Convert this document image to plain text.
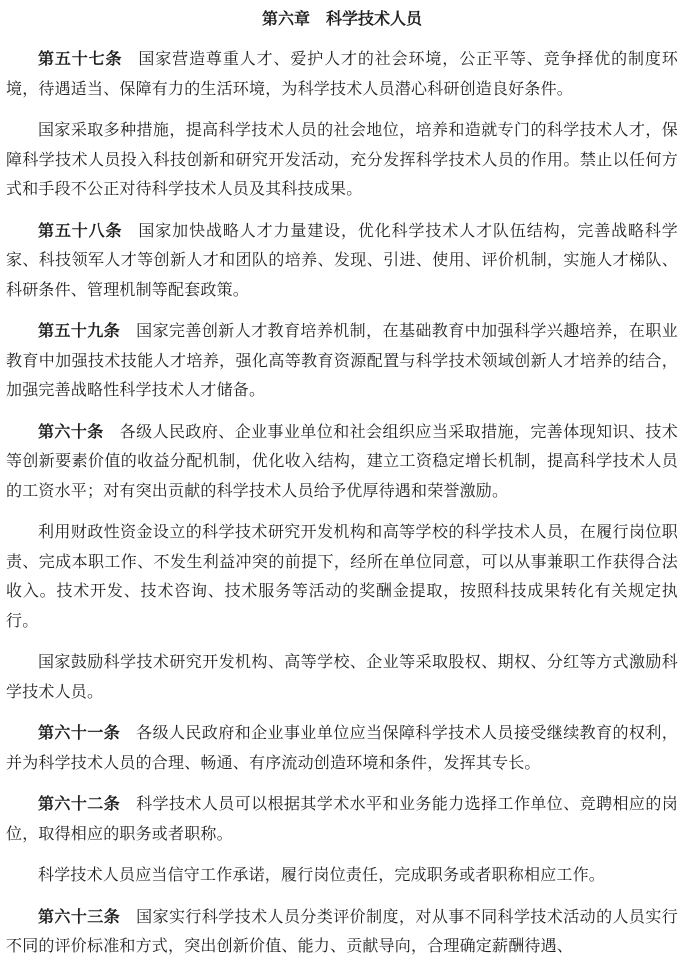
第六章　科学技术人员

第五十七条 国家营造尊重人才、爱护人才的社会环境，公正平等、竞争择优的制度环境，待遇适当、保障有力的生活环境，为科学技术人员潜心科研创造良好条件。

国家采取多种措施，提高科学技术人员的社会地位，培养和造就专门的科学技术人才，保障科学技术人员投入科技创新和研究开发活动，充分发挥科学技术人员的作用。禁止以任何方式和手段不公正对待科学技术人员及其科技成果。

第五十八条 国家加快战略人才力量建设，优化科学技术人才队伍结构，完善战略科学家、科技领军人才等创新人才和团队的培养、发现、引进、使用、评价机制，实施人才梯队、科研条件、管理机制等配套政策。

第五十九条 国家完善创新人才教育培养机制，在基础教育中加强科学兴趣培养，在职业教育中加强技术技能人才培养，强化高等教育资源配置与科学技术领域创新人才培养的结合，加强完善战略性科学技术人才储备。

第六十条 各级人民政府、企业事业单位和社会组织应当采取措施，完善体现知识、技术等创新要素价值的收益分配机制，优化收入结构，建立工资稳定增长机制，提高科学技术人员的工资水平；对有突出贡献的科学技术人员给予优厚待遇和荣誉激励。

利用财政性资金设立的科学技术研究开发机构和高等学校的科学技术人员，在履行岗位职责、完成本职工作、不发生利益冲突的前提下，经所在单位同意，可以从事兼职工作获得合法收入。技术开发、技术咨询、技术服务等活动的奖酬金提取，按照科技成果转化有关规定执行。

国家鼓励科学技术研究开发机构、高等学校、企业等采取股权、期权、分红等方式激励科学技术人员。

第六十一条 各级人民政府和企业事业单位应当保障科学技术人员接受继续教育的权利，并为科学技术人员的合理、畅通、有序流动创造环境和条件，发挥其专长。

第六十二条 科学技术人员可以根据其学术水平和业务能力选择工作单位、竞聘相应的岗位，取得相应的职务或者职称。

科学技术人员应当信守工作承诺，履行岗位责任，完成职务或者职称相应工作。

第六十三条 国家实行科学技术人员分类评价制度，对从事不同科学技术活动的人员实行不同的评价标准和方式，突出创新价值、能力、贡献导向，合理确定薪酬待遇、
